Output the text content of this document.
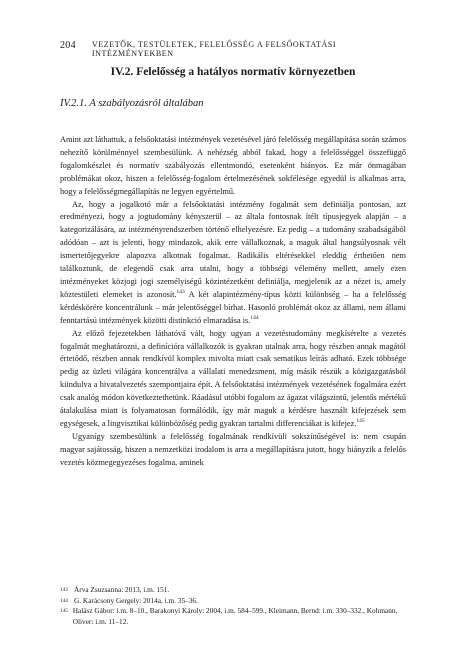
204 VEZETŐK, TESTÜLETEK, FELELŐSSÉG A FELSŐOKTATÁSI INTÉZMÉNYEKBEN
IV.2. Felelősség a hatályos normatív környezetben
IV.2.1. A szabályozásról általában

Amint azt láthattuk, a felsőoktatási intézmények vezetésével járó felelősség megállapítása során számos nehezítő körülménnyel szembesülünk. A nehézség abból fakad, hogy a felelősséggel összefüggő fogalomkészlet és normatív szabályozás ellentmondó, esetenként hiányos. Ez már önmagában problémákat okoz, hiszen a felelősség-fogalom értelmezésének sokfélesége egyedül is alkalmas arra, hogy a felelősségmegállapítás ne legyen egyértelmű.

Az, hogy a jogalkotó már a felsőoktatási intézmény fogalmát sem definiálja pontosan, azt eredményezi, hogy a jogtudomány kényszerül – az általa fontosnak ítélt típusjegyek alapján – a kategorizálására, az intézményrendszerben történő elhelyezésre. Ez pedig – a tudomány szabadságából adódóan – azt is jelenti, hogy mindazok, akik erre vállalkoznak, a maguk által hangsúlyosnak vélt ismertetőjegyekre alapozva alkotnak fogalmat. Radikális eltérésekkel eleddig érthetően nem találkoztunk, de elegendő csak arra utalni, hogy a többségi vélemény mellett, amely ezen intézményeket közjogi jogi személyiségű közintézetként definiálja, megjelenik az a nézet is, amely köztestületi elemeket is azonosít.$^{143}$ A két alapintézmény-típus közti különbség – ha a felelősség kérdéskörére koncentrálunk – már jelentőséggel bírhat. Hasonló problémát okoz az állami, nem állami fenntartású intézmények közötti distinkció elmaradása is.$^{144}$

Az előző fejezetekben láthatóvá vált, hogy ugyan a vezetéstudomány megkísérelte a vezetés fogalmát meghatározni, a definícióra vállalkozók is gyakran utalnak arra, hogy részben annak magától értetődő, részben annak rendkívül komplex mivolta miatt csak sematikus leírás adható. Ezek többsége pedig az üzleti világára koncentrálva a vállalati menedzsment, míg másik részük a közigazgatásból kiindulva a hivatalvezetés szempontjaira épít. A felsőoktatási intézmények vezetésének fogalmára ezért csak analóg módon következtethetünk. Ráadásul utóbbi fogalom az ágazat világszintű, jelentős mértékű átalakulása miatt is folyamatosan formálódik, így már maguk a kérdésre használt kifejezések sem egységesek, a lingvisztikai különbözőség pedig gyakran tartalmi differenciákat is kifejez.$^{145}$

Ugyanígy szembesülünk a felelősség fogalmának rendkívüli sokszínűségével is: nem csupán magyar sajátosság, hiszen a nemzetközi irodalom is arra a megállapításra jutott, hogy hiányzik a felelős vezetés közmegegyezéses fogalma, aminek

143 Árva Zsuzsanna: 2013, i.m. 151.
144 G. Karácsony Gergely: 2014a, i.m. 35–36.
145 Halász Gábor: i.m. 8–10., Barakonyi Károly: 2004, i.m. 584–599., Kleimann, Bernd: i.m. 330–332., Kohmann, Oliver: i.m. 11–12.
